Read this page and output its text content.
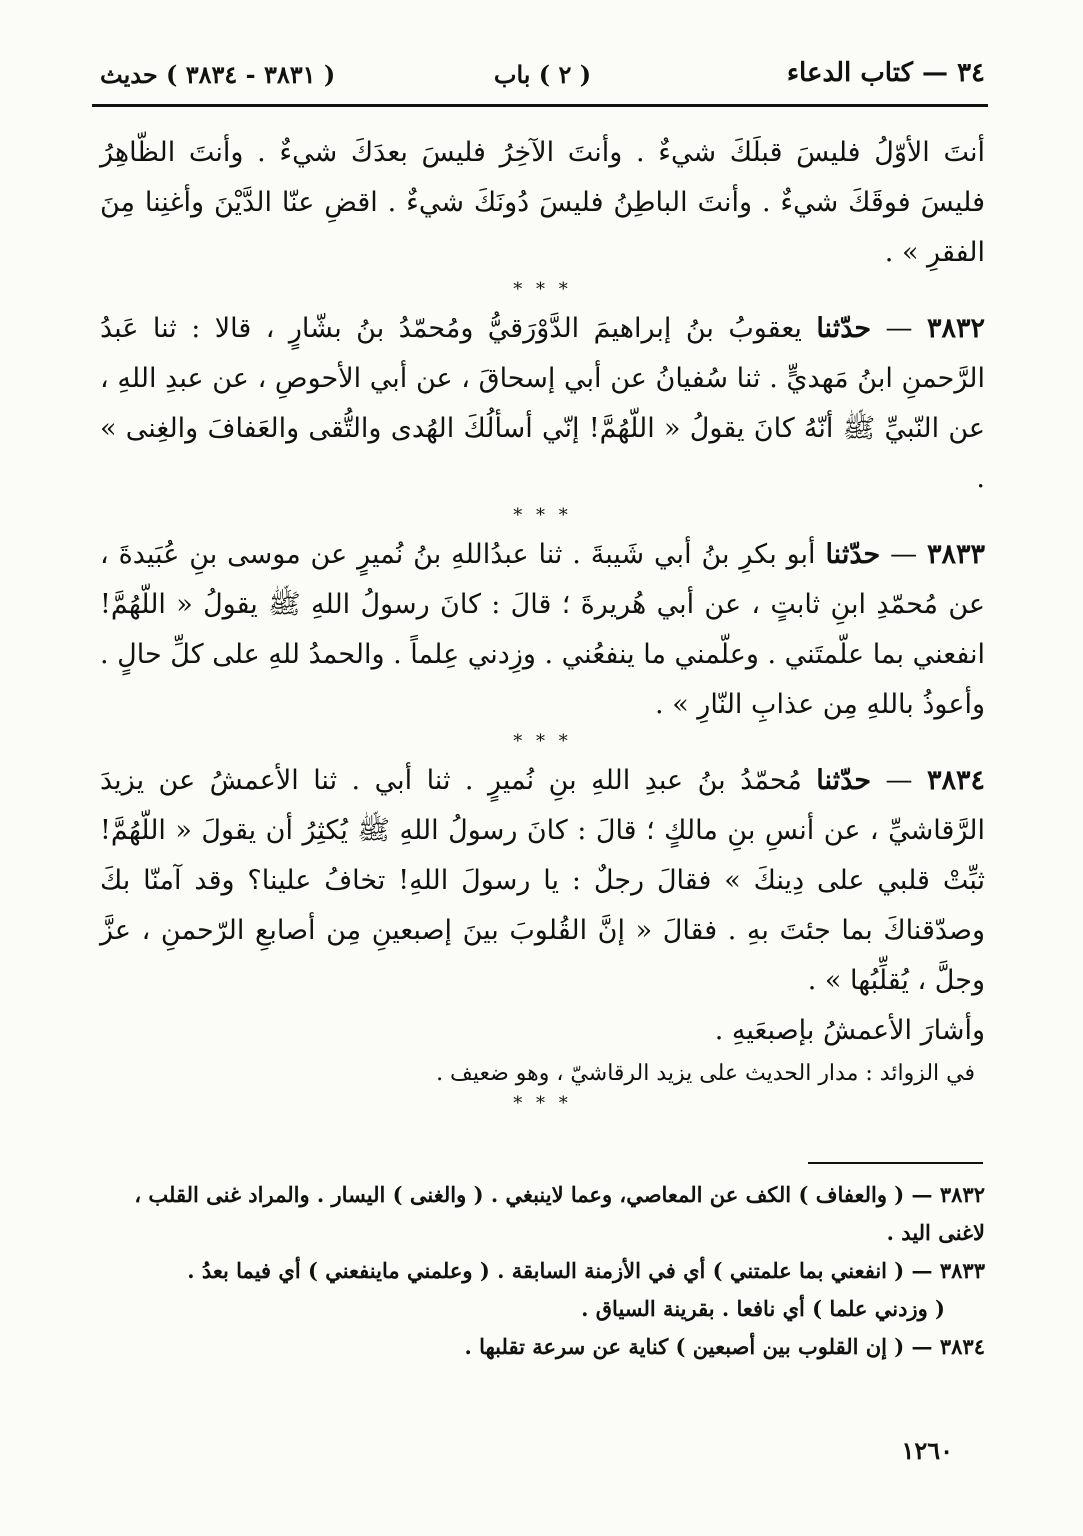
٣٤ — كتاب الدعاء
( ٢ ) باب
( ٣٨٣١ - ٣٨٣٤ ) حديث

أنتَ الأوّلُ فليسَ قبلَكَ شيءٌ . وأنتَ الآخِرُ فليسَ بعدَكَ شيءٌ . وأنتَ الظّاهِرُ فليسَ فوقَكَ شيءٌ . وأنتَ الباطِنُ فليسَ دُونَكَ شيءٌ . اقضِ عنّا الدَّيْنَ وأغنِنا مِنَ الفقرِ » .

* * *

٣٨٣٢ — حدّثنا يعقوبُ بنُ إبراهيمَ الدَّوْرَقيُّ ومُحمّدُ بنُ بشّارٍ ، قالا : ثنا عَبدُ الرَّحمنِ ابنُ مَهديٍّ . ثنا سُفيانُ عن أبي إسحاقَ ، عن أبي الأحوصِ ، عن عبدِ اللهِ ، عن النّبيِّ ﷺ أنّهُ كانَ يقولُ « اللّهُمَّ! إنّي أسألُكَ الهُدى والتُّقى والعَفافَ والغِنى » .

* * *

٣٨٣٣ — حدّثنا أبو بكرِ بنُ أبي شَيبةَ . ثنا عبدُاللهِ بنُ نُميرٍ عن موسى بنِ عُبَيدةَ ، عن مُحمّدِ ابنِ ثابتٍ ، عن أبي هُريرةَ ؛ قالَ : كانَ رسولُ اللهِ ﷺ يقولُ « اللّهُمَّ! انفعني بما علّمتَني . وعلّمني ما ينفعُني . وزِدني عِلماً . والحمدُ للهِ على كلِّ حالٍ . وأعوذُ باللهِ مِن عذابِ النّارِ » .

* * *

٣٨٣٤ — حدّثنا مُحمّدُ بنُ عبدِ اللهِ بنِ نُميرٍ . ثنا أبي . ثنا الأعمشُ عن يزيدَ الرَّقاشيِّ ، عن أنسِ بنِ مالكٍ ؛ قالَ : كانَ رسولُ اللهِ ﷺ يُكثِرُ أن يقولَ « اللّهُمَّ! ثبِّتْ قلبي على دِينكَ » فقالَ رجلٌ : يا رسولَ اللهِ! تخافُ علينا؟ وقد آمنّا بكَ وصدّقناكَ بما جئتَ بهِ . فقالَ « إنَّ القُلوبَ بينَ إصبعينِ مِن أصابعِ الرّحمنِ ، عزَّ وجلَّ ، يُقلِّبُها » .

وأشارَ الأعمشُ بإصبعَيهِ .

في الزوائد : مدار الحديث على يزيد الرقاشيّ ، وهو ضعيف .

* * *

٣٨٣٢ — ( والعفاف ) الكف عن المعاصي، وعما لاينبغي . ( والغنى ) اليسار . والمراد غنى القلب ، لاغنى اليد .

٣٨٣٣ — ( انفعني بما علمتني ) أي في الأزمنة السابقة . ( وعلمني ماينفعني ) أي فيما بعدُ .

( وزدني علما ) أي نافعا . بقرينة السياق .

٣٨٣٤ — ( إن القلوب بين أصبعين ) كناية عن سرعة تقلبها .

١٢٦٠
